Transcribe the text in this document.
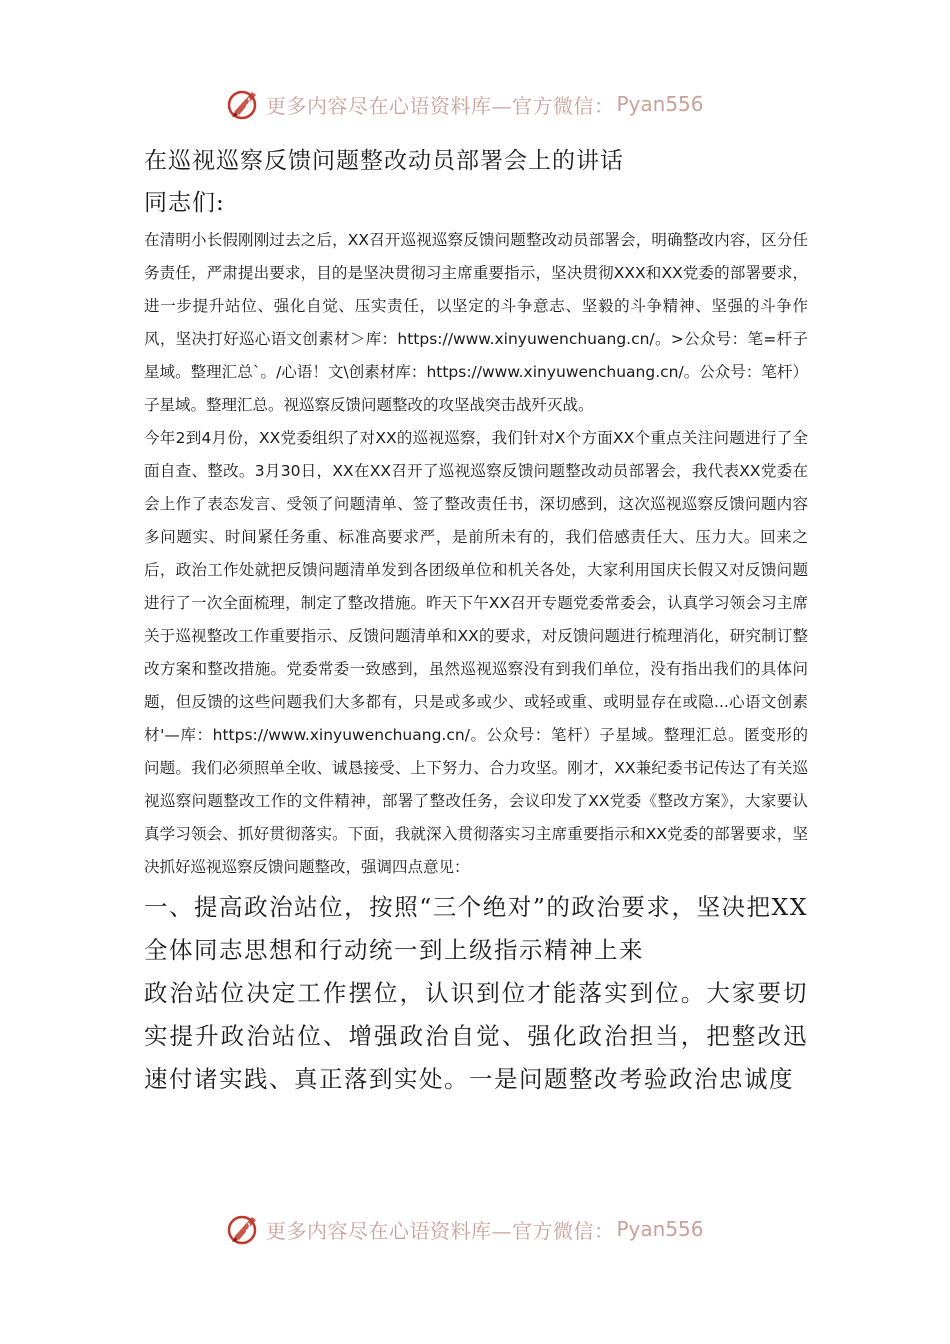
更多内容尽在心语资料库—官方微信： Pyan556
在巡视巡察反馈问题整改动员部署会上的讲话

同志们:

在清明小长假刚刚过去之后，XX召开巡视巡察反馈问题整改动员部署会，明确整改内容，区分任务责任，严肃提出要求，目的是坚决贯彻习主席重要指示，坚决贯彻XXX和XX党委的部署要求，进一步提升站位、强化自觉、压实责任，以坚定的斗争意志、坚毅的斗争精神、坚强的斗争作风，坚决打好巡心语文创素材＞库：https://www.xinyuwenchuang.cn/。>公众号：笔=杆子星域。整理汇总`。/心语！文\创素材库：https://www.xinyuwenchuang.cn/。公众号：笔杆）子星域。整理汇总。视巡察反馈问题整改的攻坚战突击战歼灭战。

今年2到4月份，XX党委组织了对XX的巡视巡察，我们针对X个方面XX个重点关注问题进行了全面自查、整改。3月30日，XX在XX召开了巡视巡察反馈问题整改动员部署会，我代表XX党委在会上作了表态发言、受领了问题清单、签了整改责任书，深切感到，这次巡视巡察反馈问题内容多问题实、时间紧任务重、标准高要求严，是前所未有的，我们倍感责任大、压力大。回来之后，政治工作处就把反馈问题清单发到各团级单位和机关各处，大家利用国庆长假又对反馈问题进行了一次全面梳理，制定了整改措施。昨天下午XX召开专题党委常委会，认真学习领会习主席关于巡视整改工作重要指示、反馈问题清单和XX的要求，对反馈问题进行梳理消化，研究制订整改方案和整改措施。党委常委一致感到，虽然巡视巡察没有到我们单位，没有指出我们的具体问题，但反馈的这些问题我们大多都有，只是或多或少、或轻或重、或明显存在或隐...心语文创素材'—库：https://www.xinyuwenchuang.cn/。公众号：笔杆）子星域。整理汇总。匿变形的问题。我们必须照单全收、诚恳接受、上下努力、合力攻坚。刚才，XX兼纪委书记传达了有关巡视巡察问题整改工作的文件精神，部署了整改任务，会议印发了XX党委《整改方案》，大家要认真学习领会、抓好贯彻落实。下面，我就深入贯彻落实习主席重要指示和XX党委的部署要求，坚决抓好巡视巡察反馈问题整改，强调四点意见：

一、提高政治站位，按照“三个绝对”的政治要求，坚决把XX全体同志思想和行动统一到上级指示精神上来

政治站位决定工作摆位，认识到位才能落实到位。大家要切实提升政治站位、增强政治自觉、强化政治担当，把整改迅速付诸实践、真正落到实处。一是问题整改考验政治忠诚度

更多内容尽在心语资料库—官方微信： Pyan556
